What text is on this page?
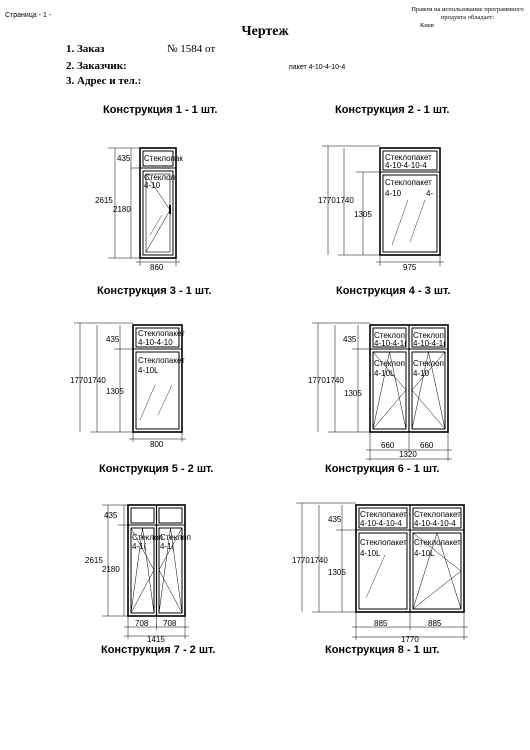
Страница - 1 -
Правом на использование программного продукта обладает:
Киев
Чертеж
1. Заказ	№ 1584 от
2. Заказчик:	пакет 4-10-4-10-4
3. Адрес и тел.:
Конструкция 1 - 1 шт.	Конструкция 2 - 1 шт.
Конструкция 3 - 1 шт.	Конструкция 4 - 3 шт.
Конструкция 5 - 2 шт.	Конструкция 6 - 1 шт.
Конструкция 7 - 2 шт.	Конструкция 8 - 1 шт.
435
2615
2180
860
Стеклопак
Стеклол
4-10
1770 1740
1305
975
Стеклопакет
4-10-4-10-4
Стеклопакет
4-10	4-
435
1770 1740
1305
800
Стеклопакет
4-10-4-10
Стеклопакет
4-10L
435
1770 1740
1305
660	660
1320
Стеклоп Стеклоп
4-10-4-1( 4-10-4-1(
Стеклоп Стеклоп
4-10L 4-10
435
2615
2180
708 708
1415
Стеклоп
Стеклоп
4-1( 4-1(
435
1770 1740
1305
885	885
1770
Стеклопакет Стеклопакет
4-10-4-10-4 4-10-4-10-4
Стеклопакет Стеклопакет
4-10L	4-10L
